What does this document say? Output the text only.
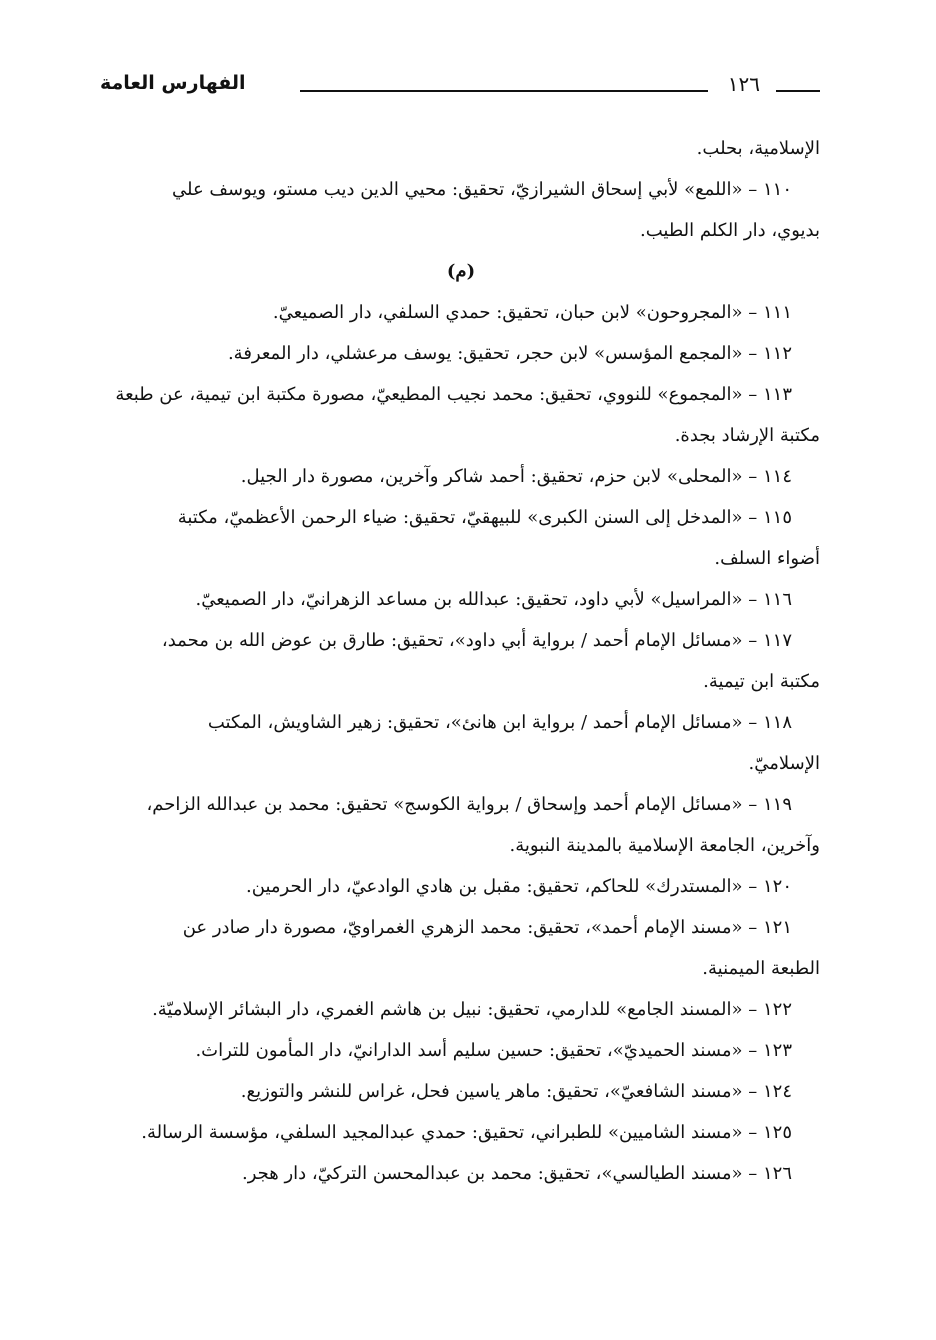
الفهارس العامة	١٢٦
الإسلامية، بحلب.
١١٠ – «اللمع» لأبي إسحاق الشيرازيّ، تحقيق: محيي الدين ديب مستو، ويوسف علي
بديوي، دار الكلم الطيب.
(م)
١١١ – «المجروحون» لابن حبان، تحقيق: حمدي السلفي، دار الصميعيّ.
١١٢ – «المجمع المؤسس» لابن حجر، تحقيق: يوسف مرعشلي، دار المعرفة.
١١٣ – «المجموع» للنووي، تحقيق: محمد نجيب المطيعيّ، مصورة مكتبة ابن تيمية، عن طبعة
مكتبة الإرشاد بجدة.
١١٤ – «المحلى» لابن حزم، تحقيق: أحمد شاكر وآخرين، مصورة دار الجيل.
١١٥ – «المدخل إلى السنن الكبرى» للبيهقيّ، تحقيق: ضياء الرحمن الأعظميّ، مكتبة
أضواء السلف.
١١٦ – «المراسيل» لأبي داود، تحقيق: عبدالله بن مساعد الزهرانيّ، دار الصميعيّ.
١١٧ – «مسائل الإمام أحمد / برواية أبي داود»، تحقيق: طارق بن عوض الله بن محمد،
مكتبة ابن تيمية.
١١٨ – «مسائل الإمام أحمد / برواية ابن هانئ»، تحقيق: زهير الشاويش، المكتب
الإسلاميّ.
١١٩ – «مسائل الإمام أحمد وإسحاق / برواية الكوسج» تحقيق: محمد بن عبدالله الزاحم،
وآخرين، الجامعة الإسلامية بالمدينة النبوية.
١٢٠ – «المستدرك» للحاكم، تحقيق: مقبل بن هادي الوادعيّ، دار الحرمين.
١٢١ – «مسند الإمام أحمد»، تحقيق: محمد الزهري الغمراويّ، مصورة دار صادر عن
الطبعة الميمنية.
١٢٢ – «المسند الجامع» للدارمي، تحقيق: نبيل بن هاشم الغمري، دار البشائر الإسلاميّة.
١٢٣ – «مسند الحميديّ»، تحقيق: حسين سليم أسد الدارانيّ، دار المأمون للتراث.
١٢٤ – «مسند الشافعيّ»، تحقيق: ماهر ياسين فحل، غراس للنشر والتوزيع.
١٢٥ – «مسند الشاميين» للطبراني، تحقيق: حمدي عبدالمجيد السلفي، مؤسسة الرسالة.
١٢٦ – «مسند الطيالسي»، تحقيق: محمد بن عبدالمحسن التركيّ، دار هجر.
